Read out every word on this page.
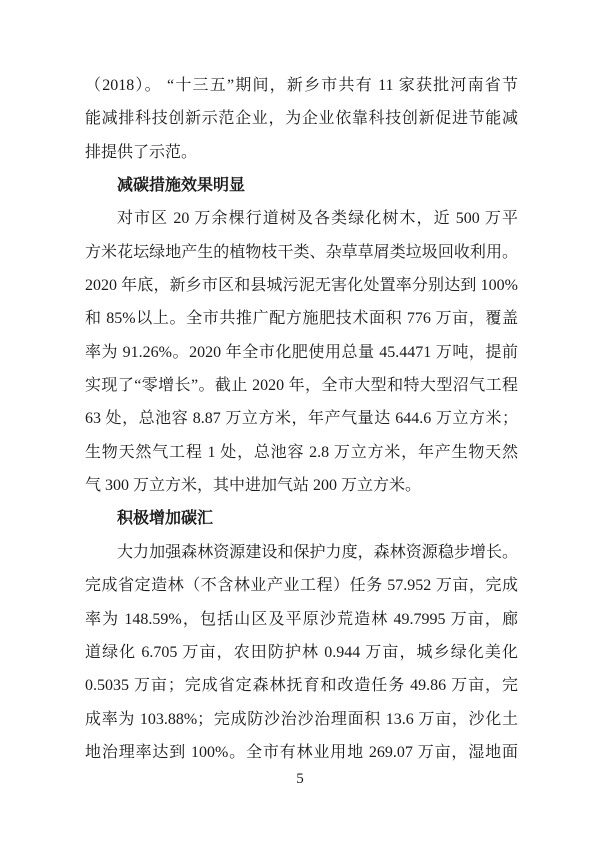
（2018）。 “十三五”期间，新乡市共有 11 家获批河南省节
能减排科技创新示范企业，为企业依靠科技创新促进节能减
排提供了示范。
减碳措施效果明显
对市区 20 万余棵行道树及各类绿化树木，近 500 万平
方米花坛绿地产生的植物枝干类、杂草草屑类垃圾回收利用。
2020 年底，新乡市区和县城污泥无害化处置率分别达到 100%
和 85%以上。全市共推广配方施肥技术面积 776 万亩，覆盖
率为 91.26%。2020 年全市化肥使用总量 45.4471 万吨，提前
实现了“零增长”。截止 2020 年，全市大型和特大型沼气工程
63 处，总池容 8.87 万立方米，年产气量达 644.6 万立方米；
生物天然气工程 1 处，总池容 2.8 万立方米，年产生物天然
气 300 万立方米，其中进加气站 200 万立方米。
积极增加碳汇
大力加强森林资源建设和保护力度，森林资源稳步增长。
完成省定造林（不含林业产业工程）任务 57.952 万亩，完成
率为 148.59%，包括山区及平原沙荒造林 49.7995 万亩，廊
道绿化 6.705 万亩，农田防护林 0.944 万亩，城乡绿化美化
0.5035 万亩；完成省定森林抚育和改造任务 49.86 万亩，完
成率为 103.88%；完成防沙治沙治理面积 13.6 万亩，沙化土
地治理率达到 100%。全市有林业用地 269.07 万亩，湿地面
5
